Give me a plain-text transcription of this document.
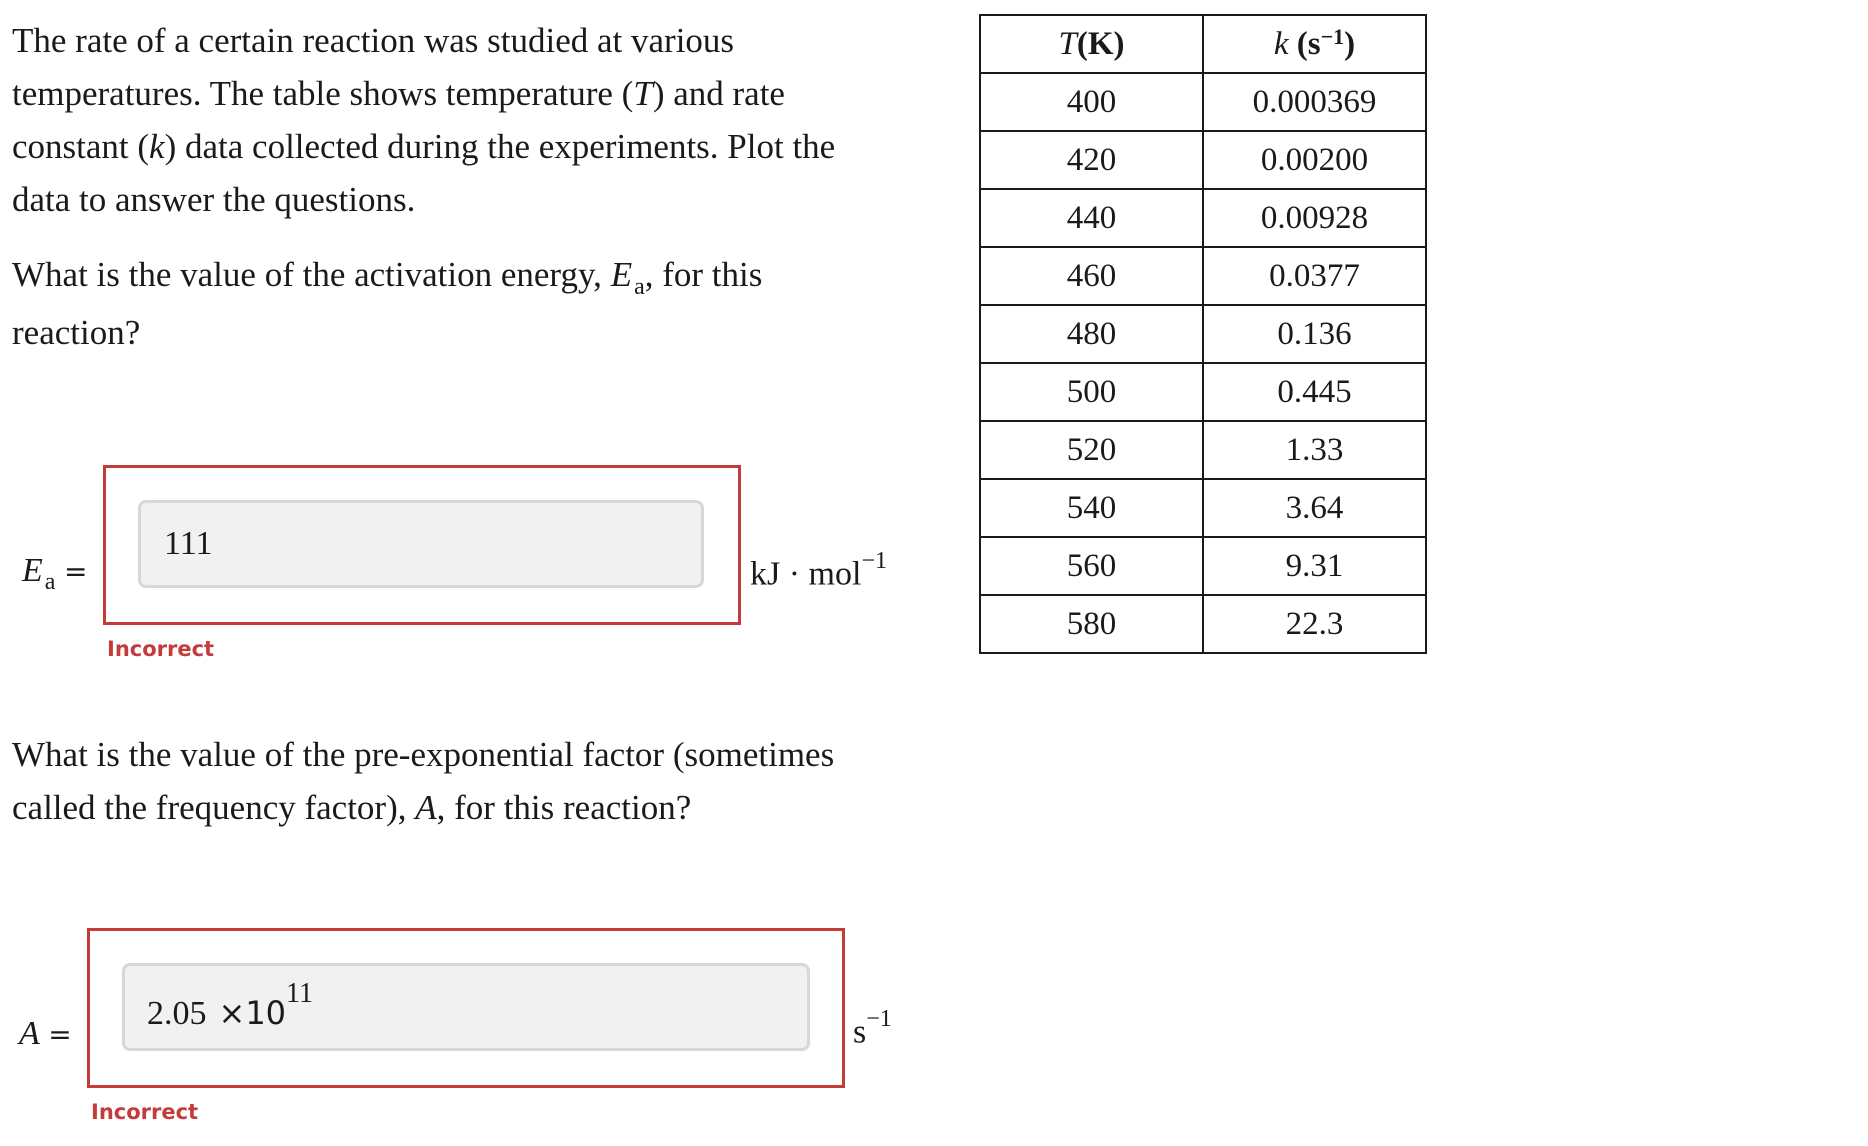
The rate of a certain reaction was studied at various temperatures. The table shows temperature (T) and rate constant (k) data collected during the experiments. Plot the data to answer the questions.
What is the value of the activation energy, $E_a$, for this reaction?
$E_a$ =
111
kJ · mol$^{-1}$
Incorrect
What is the value of the pre-exponential factor (sometimes called the frequency factor), A, for this reaction?
A =
$2.05 \times 10^{11}$
$s^{-1}$
Incorrect
T(K)	k $(s^{-1})$
400	0.000369
420	0.00200
440	0.00928
460	0.0377
480	0.136
500	0.445
520	1.33
540	3.64
560	9.31
580	22.3
